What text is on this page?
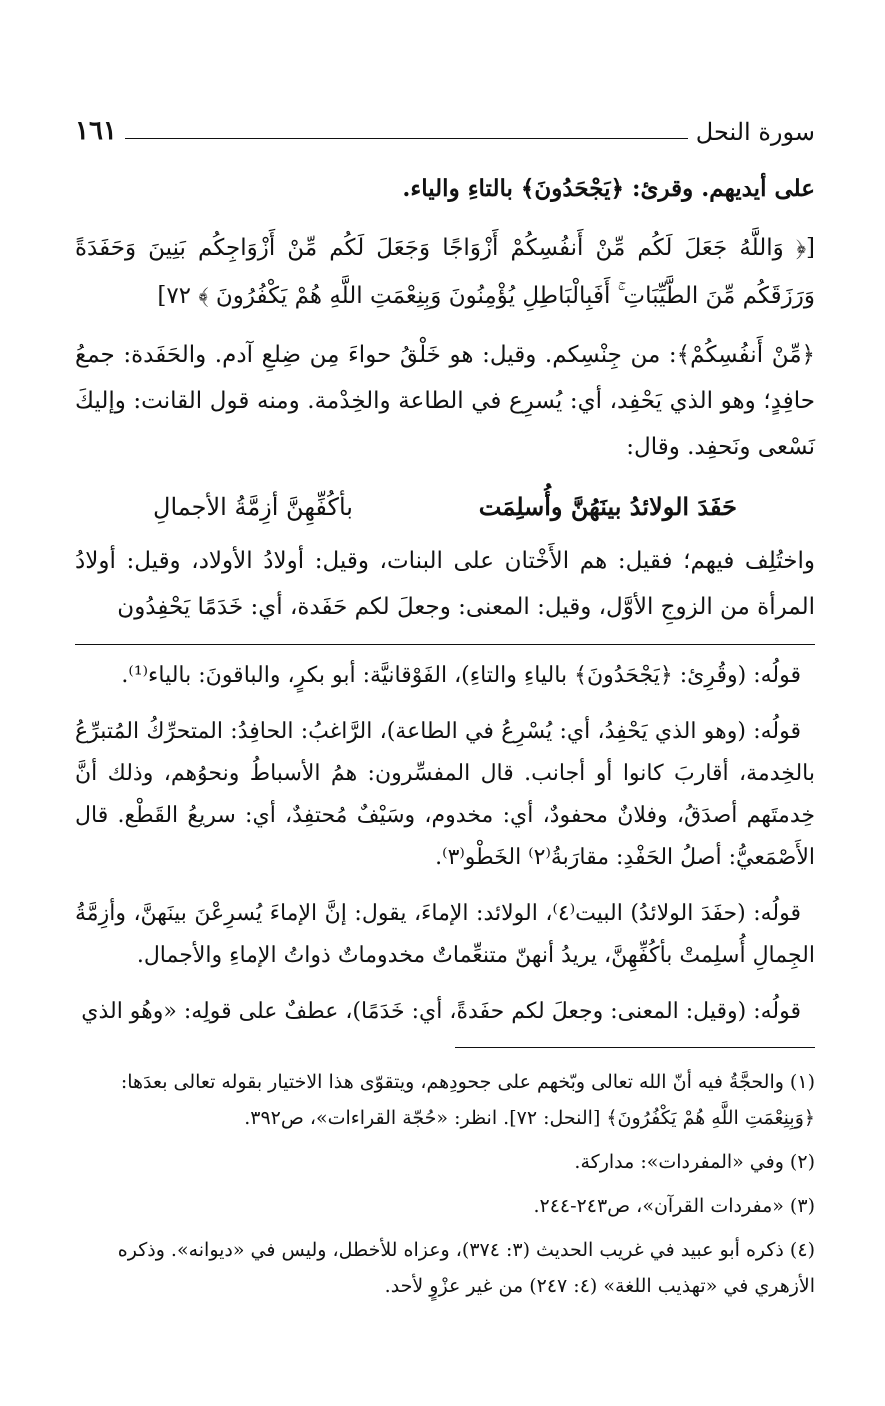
سورة النحل
١٦١

على أيديهم. وقرئ: ﴿يَجْحَدُونَ﴾ بالتاءِ والياء.

[﴿ وَاللَّهُ جَعَلَ لَكُم مِّنْ أَنفُسِكُمْ أَزْوَاجًا وَجَعَلَ لَكُم مِّنْ أَزْوَاجِكُم بَنِينَ وَحَفَدَةً وَرَزَقَكُم مِّنَ الطَّيِّبَاتِ ۚ أَفَبِالْبَاطِلِ يُؤْمِنُونَ وَبِنِعْمَتِ اللَّهِ هُمْ يَكْفُرُونَ ﴾ ٧٢]

﴿مِّنْ أَنفُسِكُمْ﴾: من جِنْسِكم. وقيل: هو خَلْقُ حواءَ مِن ضِلعِ آدم. والحَفَدة: جمعُ حافِدٍ؛ وهو الذي يَحْفِد، أي: يُسرِع في الطاعة والخِدْمة. ومنه قول القانت: وإليكَ نَسْعى ونَحفِد. وقال:

حَفَدَ الولائدُ بينَهُنَّ وأُسلِمَت
بأكُفِّهِنَّ أزِمَّةُ الأجمالِ

واختُلِف فيهم؛ فقيل: هم الأَخْتان على البنات، وقيل: أولادُ الأولاد، وقيل: أولادُ المرأة من الزوجِ الأوَّل، وقيل: المعنى: وجعلَ لكم حَفَدة، أي: خَدَمًا يَحْفِدُون

قولُه: (وقُرِئ: ﴿يَجْحَدُونَ﴾ بالياءِ والتاءِ)، الفَوْقانيَّة: أبو بكرٍ، والباقونَ: بالياء⁽¹⁾.

قولُه: (وهو الذي يَحْفِدُ، أي: يُسْرِعُ في الطاعة)، الرَّاغبُ: الحافِدُ: المتحرِّكُ المُتبرِّعُ بالخِدمة، أقاربَ كانوا أو أجانب. قال المفسِّرون: همُ الأسباطُ ونحوُهم، وذلك أنَّ خِدمتَهم أصدَقُ، وفلانٌ محفودٌ، أي: مخدوم، وسَيْفٌ مُحتفِدٌ، أي: سريعُ القَطْع. قال الأَصْمَعيُّ: أصلُ الحَفْدِ: مقارَبةُ⁽٢⁾ الخَطْو⁽٣⁾.

قولُه: (حفَدَ الولائدُ) البيت⁽٤⁾، الولائد: الإماءَ، يقول: إنَّ الإماءَ يُسرِعْنَ بينَهنَّ، وأزِمَّةُ الجِمالِ أُسلِمتْ بأكُفِّهِنَّ، يريدُ أنهنّ متنعِّماتٌ مخدوماتٌ ذواتُ الإماءِ والأجمال.

قولُه: (وقيل: المعنى: وجعلَ لكم حفَدةً، أي: خَدَمًا)، عطفٌ على قولِه: «وهُو الذي

(١) والحجَّةُ فيه أنّ الله تعالى وبّخهم على جحودِهم، ويتقوّى هذا الاختيار بقوله تعالى بعدَها: ﴿وَبِنِعْمَتِ اللَّهِ هُمْ يَكْفُرُونَ﴾ [النحل: ٧٢]. انظر: «حُجّة القراءات»، ص٣٩٢.

(٢) وفي «المفردات»: مداركة.

(٣) «مفردات القرآن»، ص٢٤٣-٢٤٤.

(٤) ذكره أبو عبيد في غريب الحديث (٣: ٣٧٤)، وعزاه للأخطل، وليس في «ديوانه». وذكره الأزهري في «تهذيب اللغة» (٤: ٢٤٧) من غير عزْوٍ لأحد.
